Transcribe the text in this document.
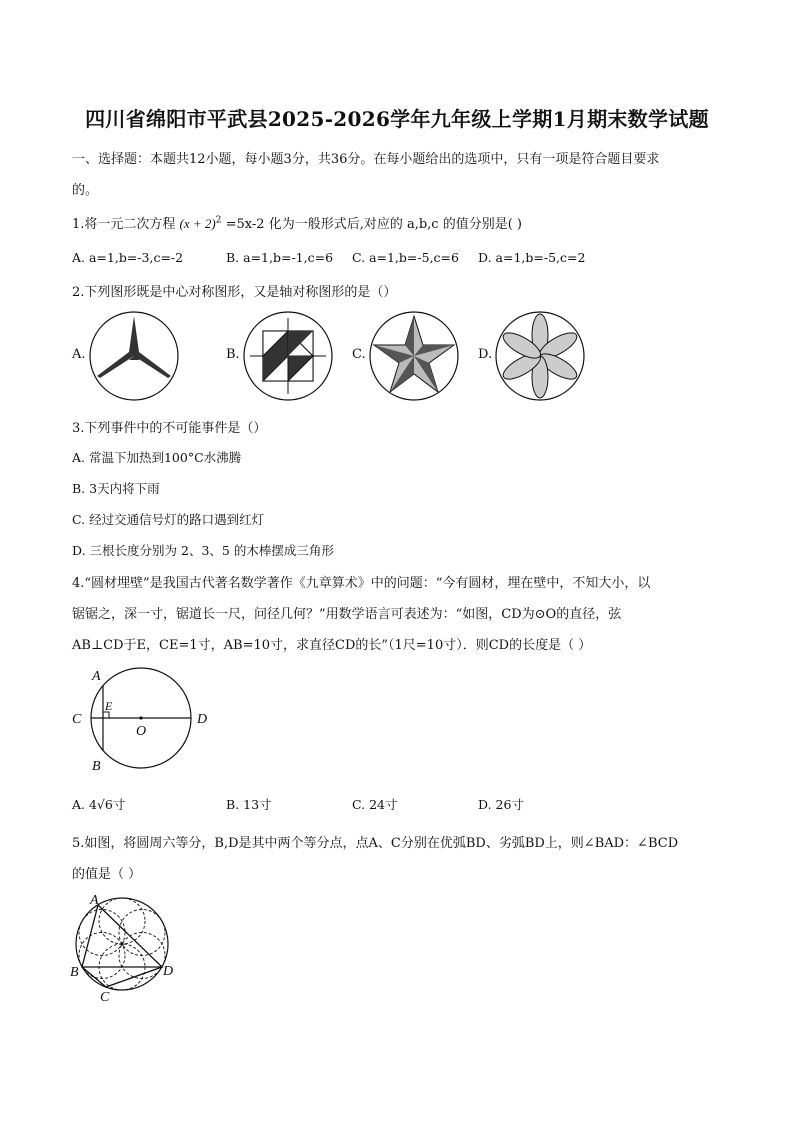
四川省绵阳市平武县2025-2026学年九年级上学期1月期末数学试题
一、选择题：本题共12小题，每小题3分，共36分。在每小题给出的选项中，只有一项是符合题目要求
的。
1.将一元二次方程 $(x + 2)^2 =5x-2$ 化为一般形式后,对应的 a,b,c 的值分别是( )
A. a=1,b=-3,c=-2	B. a=1,b=-1,c=6 C. a=1,b=-5,c=6 D. a=1,b=-5,c=2
2.下列图形既是中心对称图形，又是轴对称图形的是（）
A.	B.	C.	D.
3.下列事件中的不可能事件是（）
A. 常温下加热到100°C水沸腾
B. 3天内将下雨
C. 经过交通信号灯的路口遇到红灯
D. 三根长度分别为 2、3、5 的木棒摆成三角形
4.“圆材埋壁”是我国古代著名数学著作《九章算术》中的问题：“今有圆材，埋在壁中，不知大小，以
锯锯之，深一寸，锯道长一尺，问径几何？”用数学语言可表述为：“如图，CD为⊙O的直径，弦
AB⊥CD于E，CE=1寸，AB=10寸，求直径CD的长”（1尺=10寸）．则CD的长度是（ ）
A
B
C	D
E
O
A. 4√6寸	B. 13寸	C. 24寸	D. 26寸
5.如图，将圆周六等分，B,D是其中两个等分点，点A、C分别在优弧BD、劣弧BD上，则∠BAD：∠BCD
的值是（ ）
A
B
C
D
